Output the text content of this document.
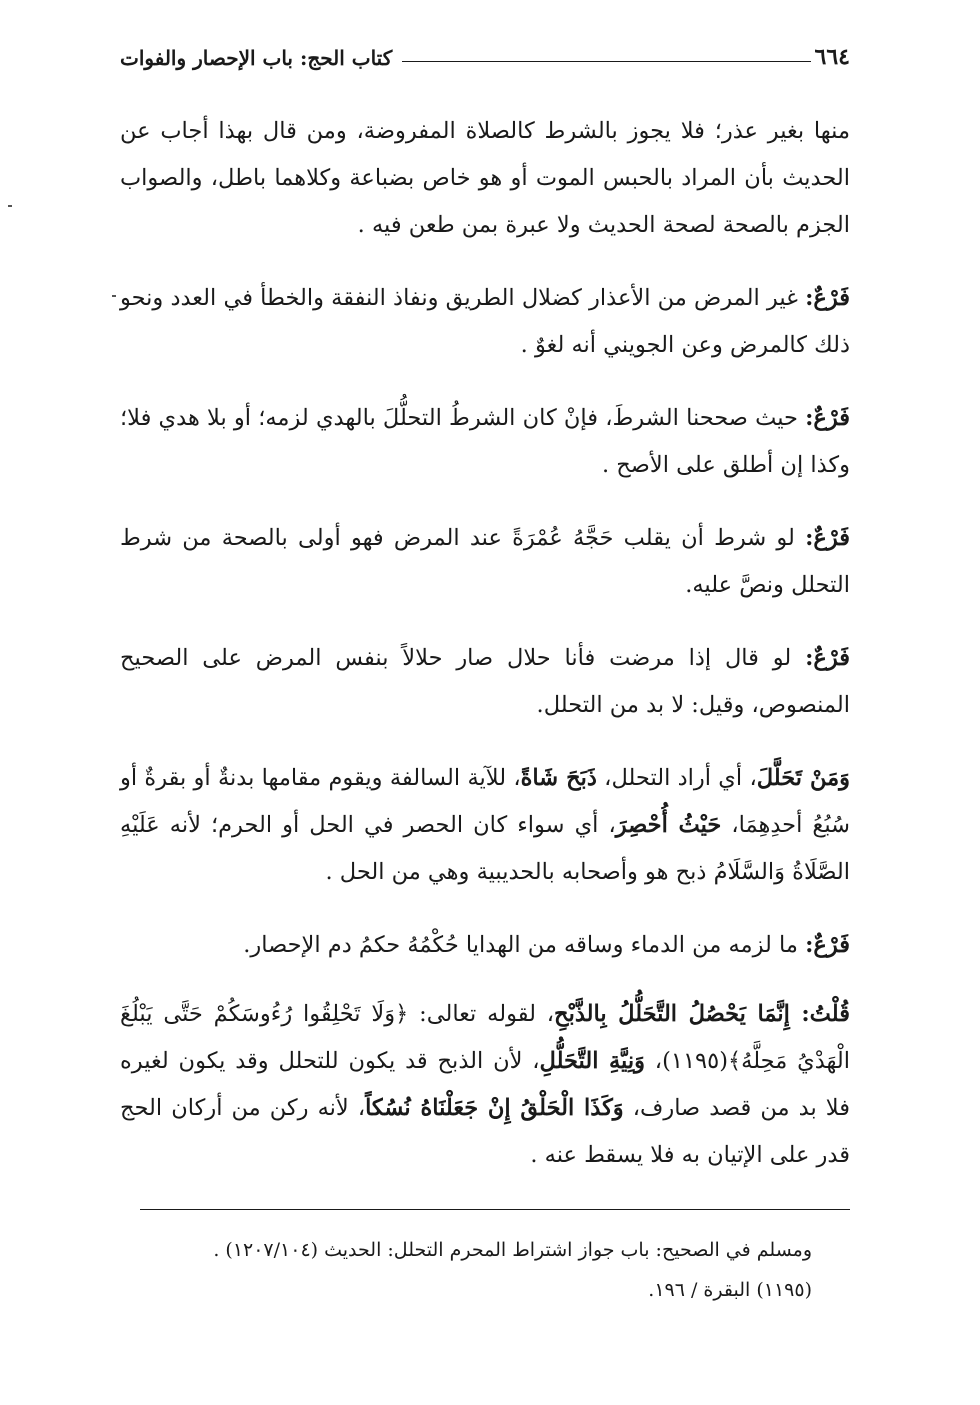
٦٦٤
كتاب الحج: باب الإحصار والفوات

منها بغير عذر؛ فلا يجوز بالشرط كالصلاة المفروضة، ومن قال بهذا أجاب عن الحديث بأن المراد بالحبس الموت أو هو خاص بضباعة وكلاهما باطل، والصواب الجزم بالصحة لصحة الحديث ولا عبرة بمن طعن فيه .

فَرْعٌ: غير المرض من الأعذار كضلال الطريق ونفاذ النفقة والخطأ في العدد ونحو ذلك كالمرض وعن الجويني أنه لغوٌ .

فَرْعٌ: حيث صححنا الشرطَ، فإنْ كان الشرطُ التحلُّلَ بالهدي لزمه؛ أو بلا هدي فلا؛ وكذا إن أطلق على الأصح .

فَرْعٌ: لو شرط أن يقلب حَجَّهُ عُمْرَةً عند المرض فهو أولى بالصحة من شرط التحلل ونصَّ عليه.

فَرْعٌ: لو قال إذا مرضت فأنا حلال صار حلالاً بنفس المرض على الصحيح المنصوص، وقيل: لا بد من التحلل.

وَمَنْ تَحَلَّلَ، أي أراد التحلل، ذَبَحَ شَاةً، للآية السالفة ويقوم مقامها بدنةٌ أو بقرةٌ أو سُبُعُ أحدِهِمَا، حَيْثُ أُحْصِرَ، أي سواء كان الحصر في الحل أو الحرم؛ لأنه عَلَيْهِ الصَّلَاةُ وَالسَّلَامُ ذبح هو وأصحابه بالحديبية وهي من الحل .

فَرْعٌ: ما لزمه من الدماء وساقه من الهدايا حُكْمُهُ حكمُ دم الإحصار.

قُلْتُ: إِنَّمَا يَحْصُلُ التَّحَلُّلُ بِالذَّبْحِ، لقوله تعالى: ﴿وَلَا تَحْلِقُوا رُءُوسَكُمْ حَتَّى يَبْلُغَ الْهَدْيُ مَحِلَّهُ﴾(١١٩٥)، وَنِيَّةِ التَّحَلُّلِ، لأن الذبح قد يكون للتحلل وقد يكون لغيره فلا بد من قصد صارف، وَكَذَا الْحَلْقُ إِنْ جَعَلْنَاهُ نُسُكاً، لأنه ركن من أركان الحج قدر على الإتيان به فلا يسقط عنه .

ومسلم في الصحيح: باب جواز اشتراط المحرم التحلل: الحديث (١٢٠٧/١٠٤) .

(١١٩٥) البقرة / ١٩٦.
